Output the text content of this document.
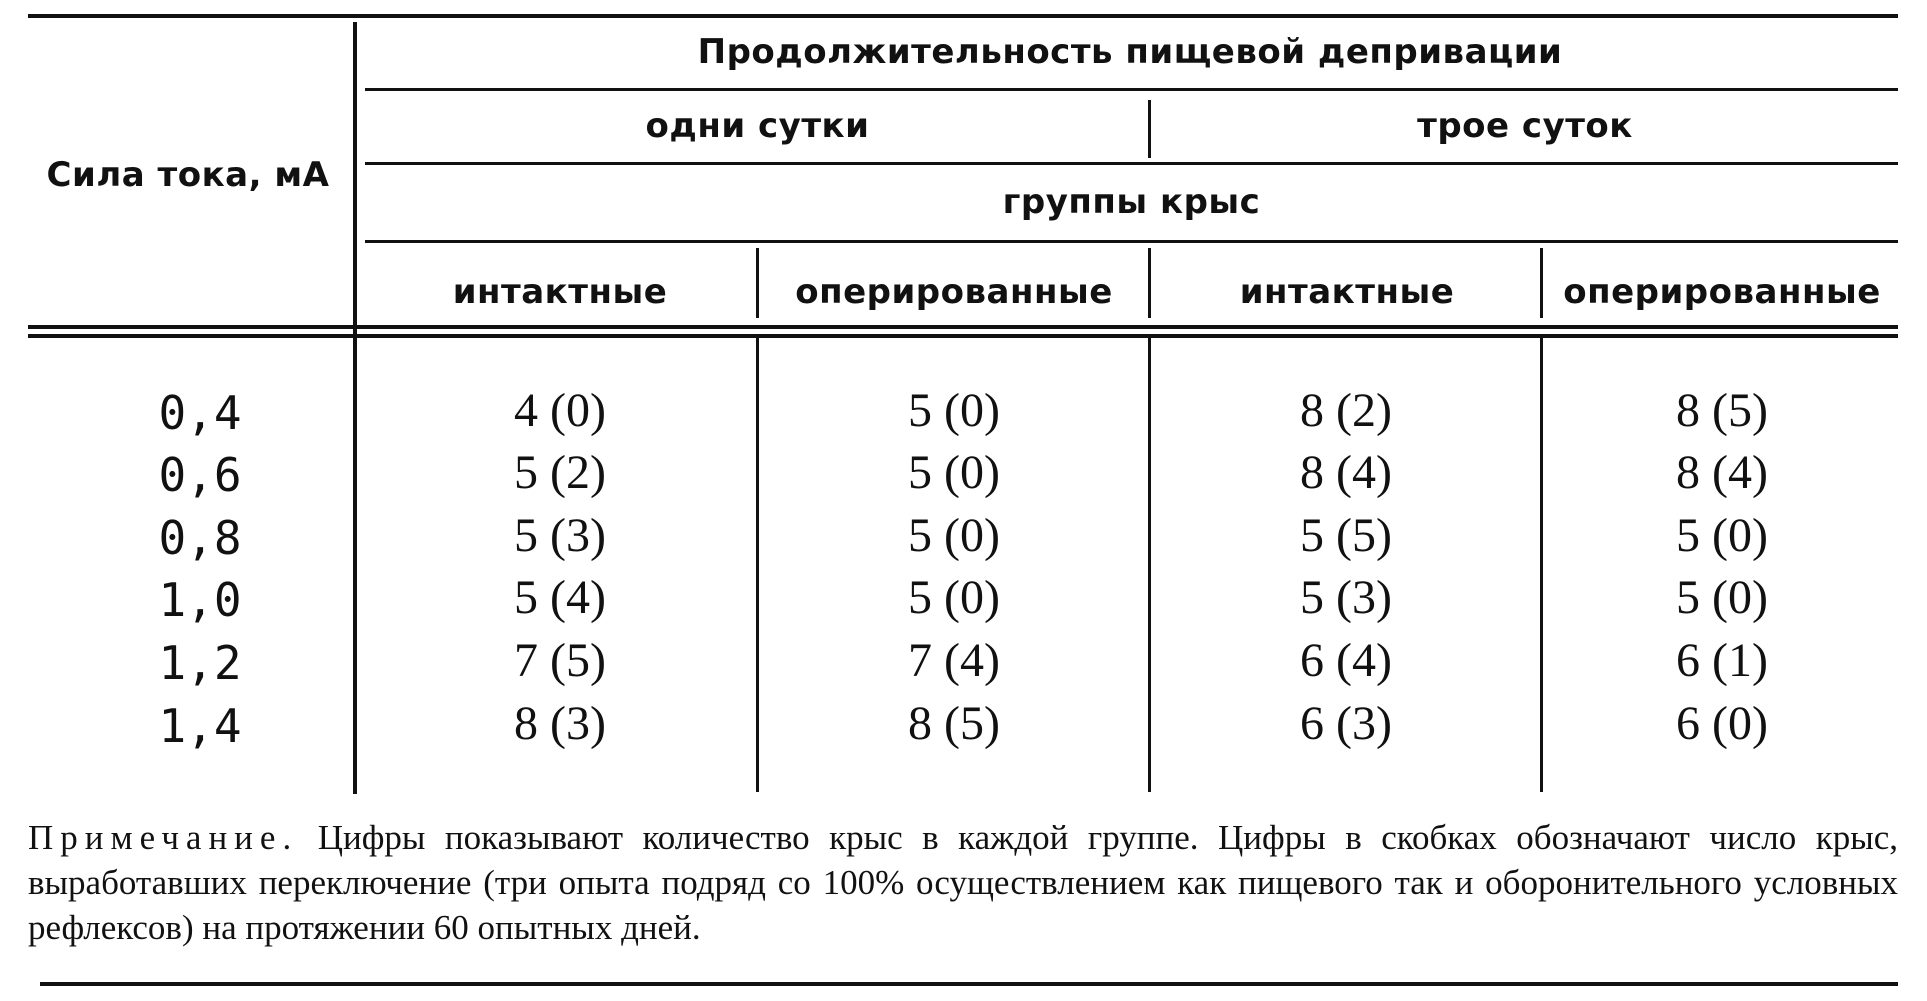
Сила тока, мА
Продолжительность пищевой депривации
одни сутки	трое суток
группы крыс
интактные	оперированные	интактные	оперированные
0,4	4 (0)	5 (0)	8 (2)	8 (5)
0,6	5 (2)	5 (0)	8 (4)	8 (4)
0,8	5 (3)	5 (0)	5 (5)	5 (0)
1,0	5 (4)	5 (0)	5 (3)	5 (0)
1,2	7 (5)	7 (4)	6 (4)	6 (1)
1,4	8 (3)	8 (5)	6 (3)	6 (0)
Примечание. Цифры показывают количество крыс в каждой группе. Цифры в скобках обозначают число крыс, выработавших переключение (три опыта подряд со 100% осуществлением как пищевого так и оборонительного условных рефлексов) на протяжении 60 опытных дней.
